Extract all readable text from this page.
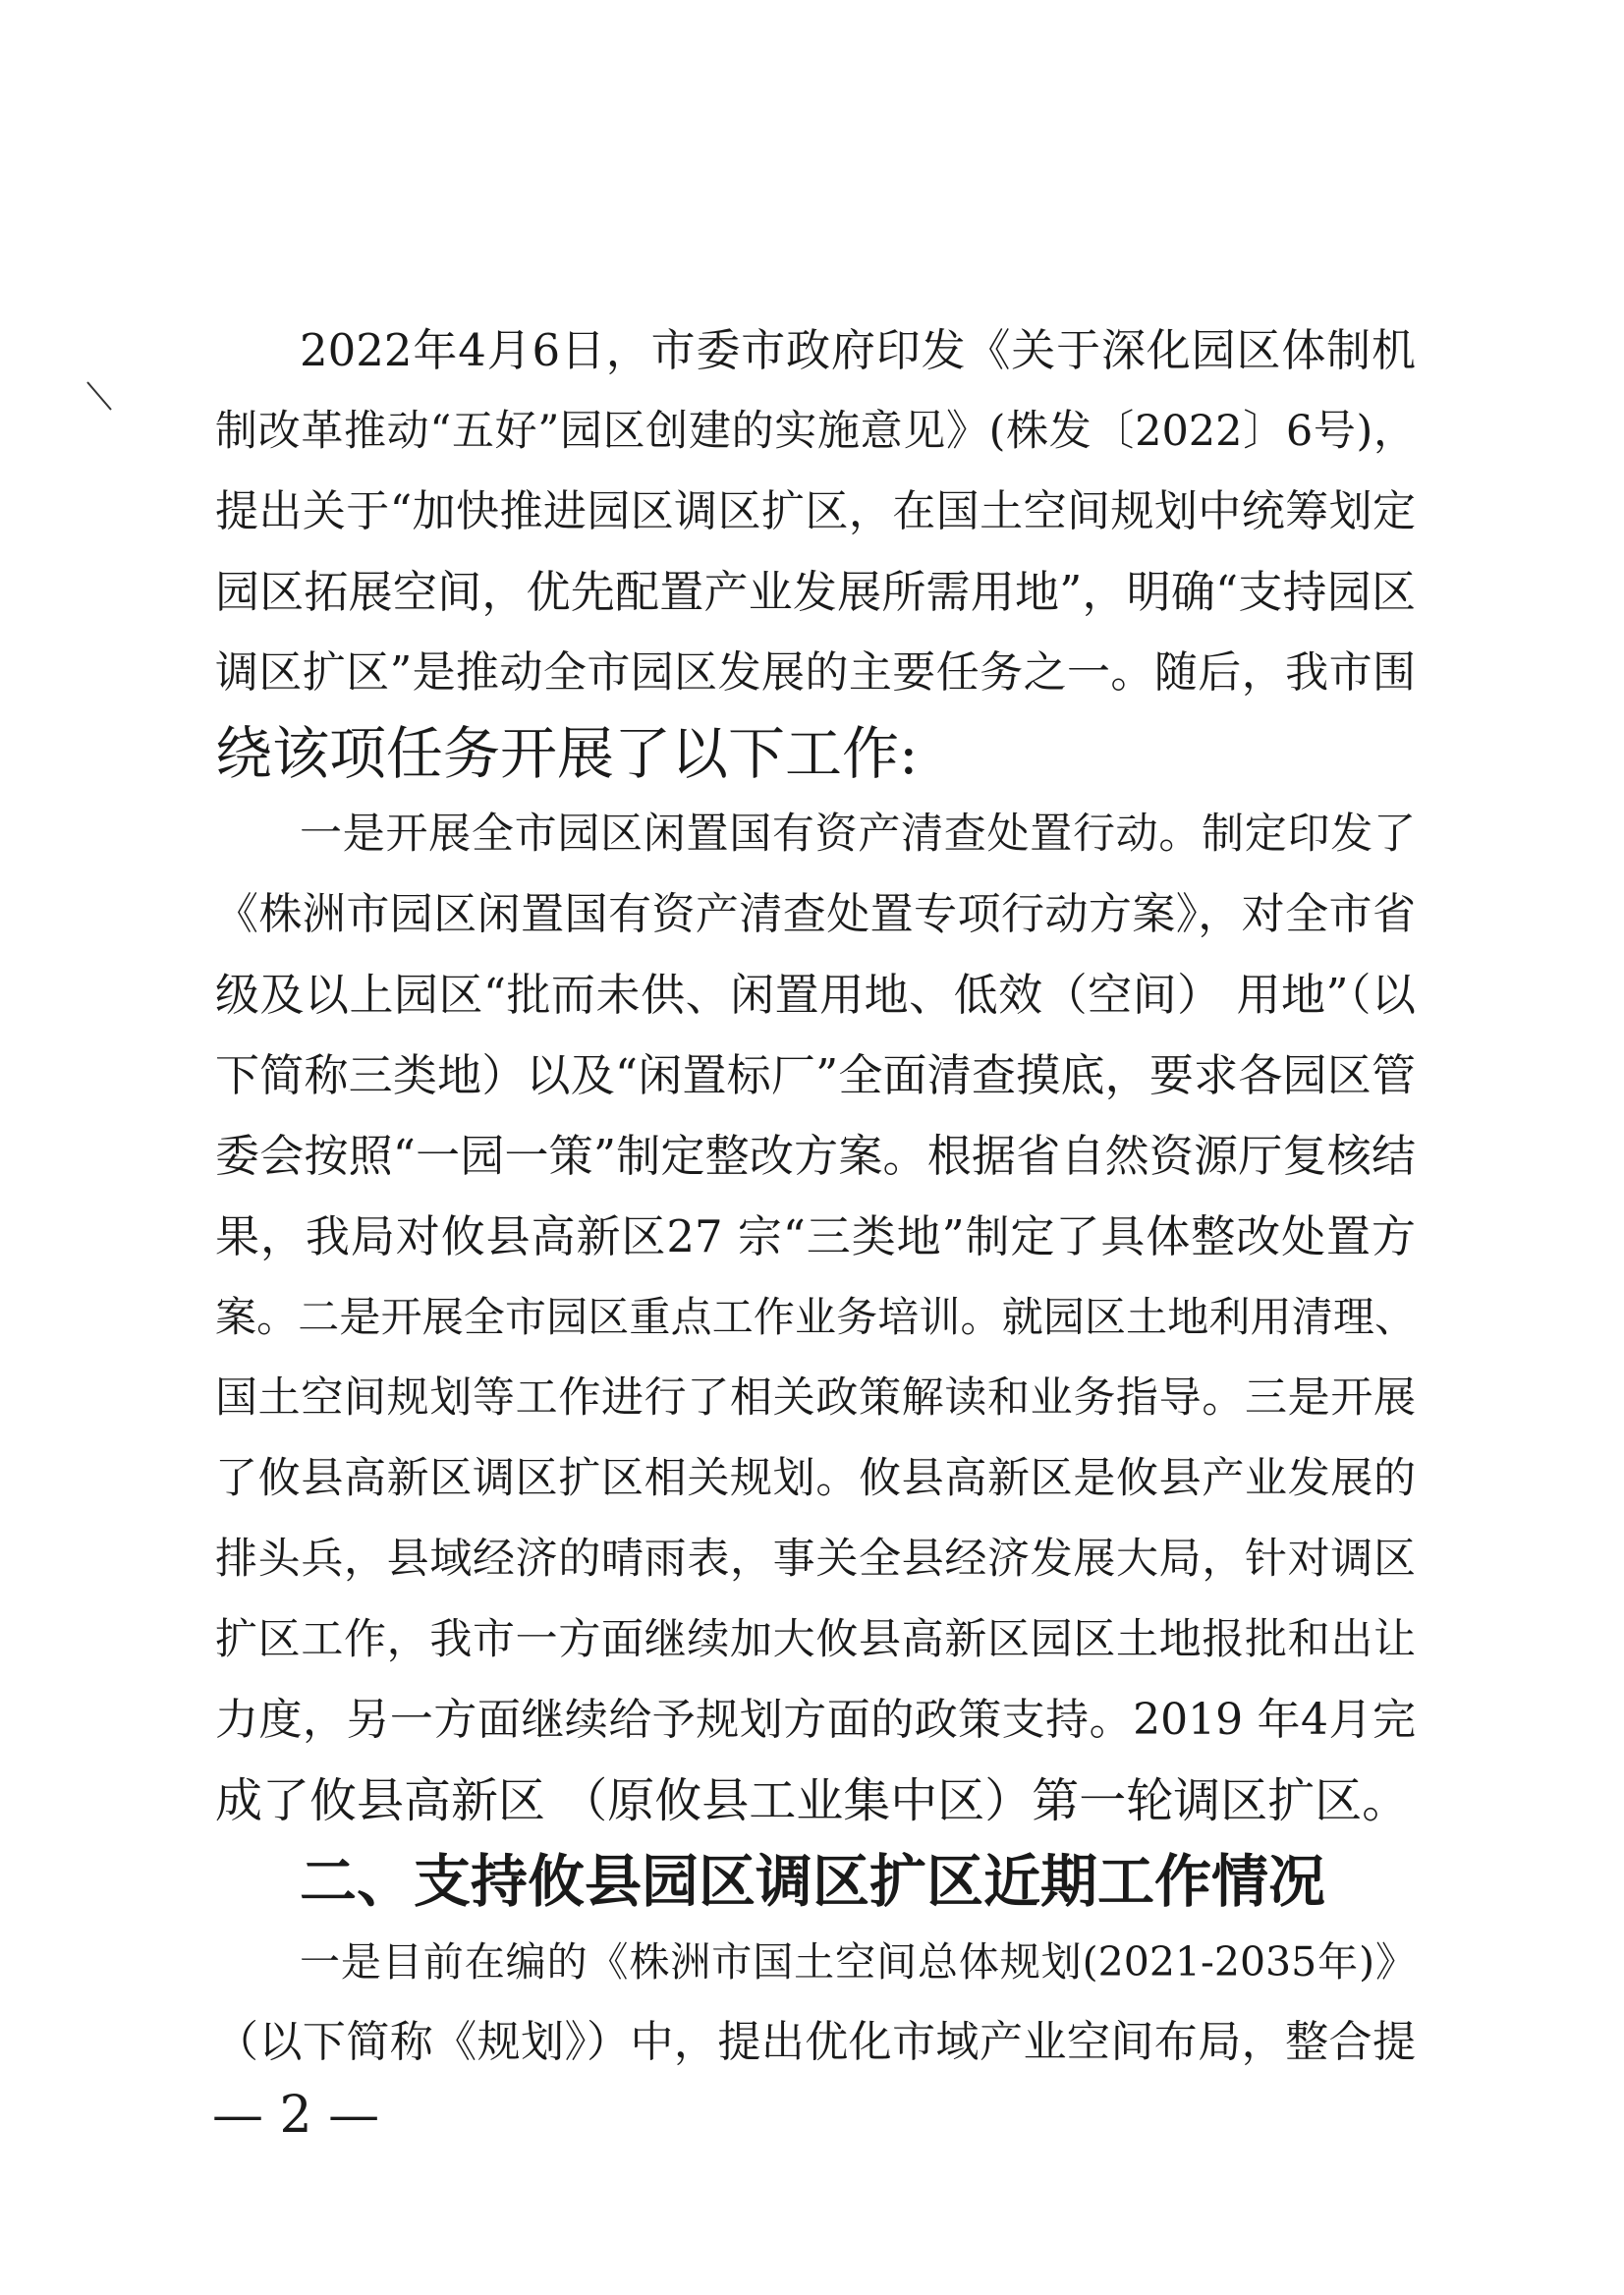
2022年4月6日，市委市政府印发《关于深化园区体制机
制改革推动“五好”园区创建的实施意见》(株发〔2022〕6号)，
提出关于“加快推进园区调区扩区，在国土空间规划中统筹划定
园区拓展空间，优先配置产业发展所需用地”，明确“支持园区
调区扩区”是推动全市园区发展的主要任务之一。随后，我市围
绕该项任务开展了以下工作:
一是开展全市园区闲置国有资产清查处置行动。制定印发了
《株洲市园区闲置国有资产清查处置专项行动方案》，对全市省
级及以上园区“批而未供、闲置用地、低效（空间） 用地”（以
下简称三类地）以及“闲置标厂”全面清查摸底，要求各园区管
委会按照“一园一策”制定整改方案。根据省自然资源厅复核结
果，我局对攸县高新区27 宗“三类地”制定了具体整改处置方
案。二是开展全市园区重点工作业务培训。就园区土地利用清理、
国土空间规划等工作进行了相关政策解读和业务指导。三是开展
了攸县高新区调区扩区相关规划。攸县高新区是攸县产业发展的
排头兵，县域经济的晴雨表，事关全县经济发展大局，针对调区
扩区工作，我市一方面继续加大攸县高新区园区土地报批和出让
力度，另一方面继续给予规划方面的政策支持。2019 年4月完
成了攸县高新区 （原攸县工业集中区）第一轮调区扩区。
二、支持攸县园区调区扩区近期工作情况
一是目前在编的《株洲市国土空间总体规划(2021-2035年)》
（以下简称《规划》）中，提出优化市域产业空间布局，整合提
— 2 —
